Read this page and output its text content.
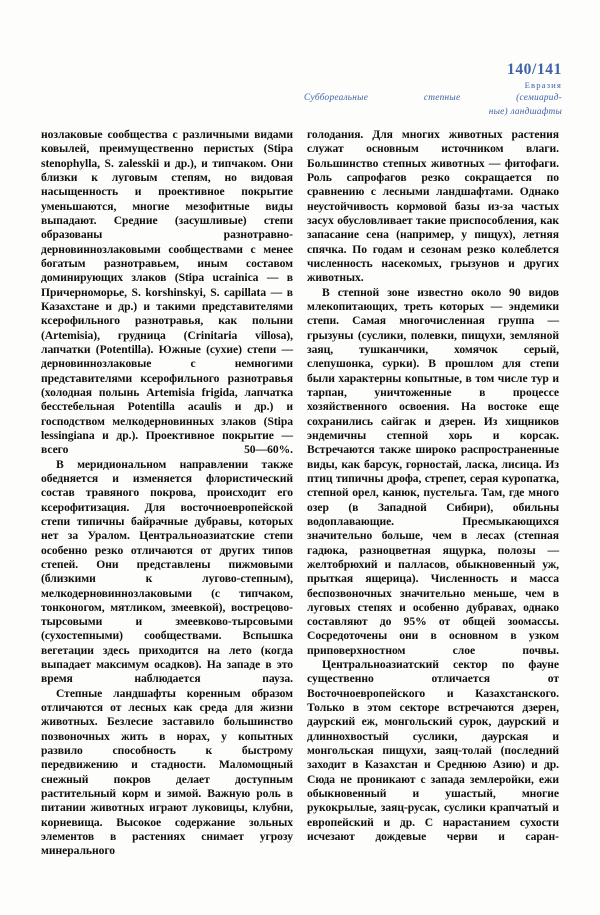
140/141
Евразия
Суббореальные степные (семиарид-
ные) ландшафты

нозлаковые сообщества с различными видами ковылей, преимущественно перистых (Stipa stenophylla, S. zalesskii и др.), и типчаком. Они близки к луговым степям, но видовая насыщенность и проективное покрытие уменьшаются, многие мезофитные виды выпадают. Средние (засушливые) степи образованы разнотравно-дерновиннозлаковыми сообществами с менее богатым разнотравьем, иным составом доминирующих злаков (Stipa ucrainica — в Причерноморье, S. korshinskyi, S. capillata — в Казахстане и др.) и такими представителями ксерофильного разнотравья, как полыни (Artemisia), грудница (Crinitaria villosa), лапчатки (Potentilla). Южные (сухие) степи — дерновиннозлаковые с немногими представителями ксерофильного разнотравья (холодная полынь Artemisia frigida, лапчатка бесстебельная Potentilla acaulis и др.) и господством мелкодерновинных злаков (Stipa lessingiana и др.). Проективное покрытие — всего 50—60%.

В меридиональном направлении также обедняется и изменяется флористический состав травяного покрова, происходит его ксерофитизация. Для восточноевропейской степи типичны байрачные дубравы, которых нет за Уралом. Центральноазиатские степи особенно резко отличаются от других типов степей. Они представлены пижмовыми (близкими к лугово-степным), мелкодерновиннозлаковыми (с типчаком, тонконогом, мятликом, змеевкой), вострецово-тырсовыми и змеевково-тырсовыми (сухостепными) сообществами. Вспышка вегетации здесь приходится на лето (когда выпадает максимум осадков). На западе в это время наблюдается пауза.

Степные ландшафты коренным образом отличаются от лесных как среда для жизни животных. Безлесие заставило большинство позвоночных жить в норах, у копытных развило способность к быстрому передвижению и стадности. Маломощный снежный покров делает доступным растительный корм и зимой. Важную роль в питании животных играют луковицы, клубни, корневища. Высокое содержание зольных элементов в растениях снимает угрозу минерального

голодания. Для многих животных растения служат основным источником влаги. Большинство степных животных — фитофаги. Роль сапрофагов резко сокращается по сравнению с лесными ландшафтами. Однако неустойчивость кормовой базы из-за частых засух обусловливает такие приспособления, как запасание сена (например, у пищух), летняя спячка. По годам и сезонам резко колеблется численность насекомых, грызунов и других животных.

В степной зоне известно около 90 видов млекопитающих, треть которых — эндемики степи. Самая многочисленная группа — грызуны (суслики, полевки, пищухи, земляной заяц, тушканчики, хомячок серый, слепушонка, сурки). В прошлом для степи были характерны копытные, в том числе тур и тарпан, уничтоженные в процессе хозяйственного освоения. На востоке еще сохранились сайгак и дзерен. Из хищников эндемичны степной хорь и корсак. Встречаются также широко распространенные виды, как барсук, горностай, ласка, лисица. Из птиц типичны дрофа, стрепет, серая куропатка, степной орел, канюк, пустельга. Там, где много озер (в Западной Сибири), обильны водоплавающие. Пресмыкающихся значительно больше, чем в лесах (степная гадюка, разноцветная ящурка, полозы — желтобрюхий и палласов, обыкновенный уж, прыткая ящерица). Численность и масса беспозвоночных значительно меньше, чем в луговых степях и особенно дубравах, однако составляют до 95% от общей зоомассы. Сосредоточены они в основном в узком приповерхностном слое почвы.

Центральноазиатский сектор по фауне существенно отличается от Восточноевропейского и Казахстанского. Только в этом секторе встречаются дзерен, даурский еж, монгольский сурок, даурский и длиннохвостый суслики, даурская и монгольская пищухи, заяц-толай (последний заходит в Казахстан и Среднюю Азию) и др. Сюда не проникают с запада землеройки, ежи обыкновенный и ушастый, многие рукокрылые, заяц-русак, суслики крапчатый и европейский и др. С нарастанием сухости исчезают дождевые черви и саран-
